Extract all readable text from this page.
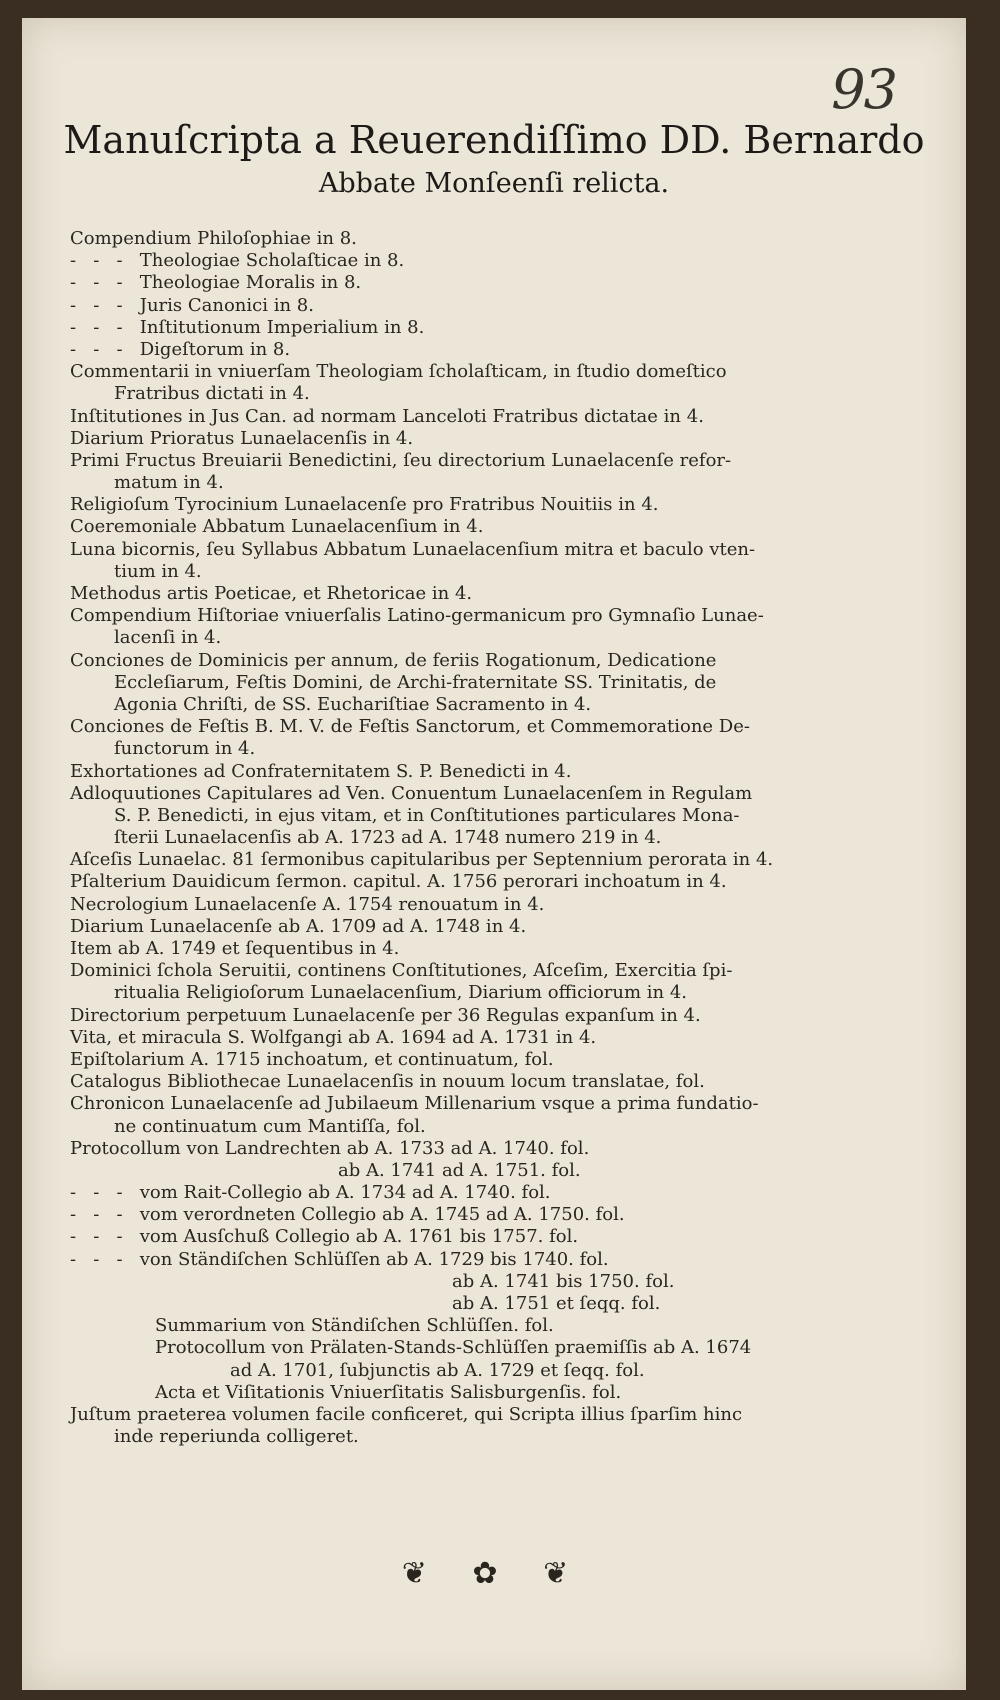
93
Manuſcripta a Reuerendiſſimo DD. Bernardo
Abbate Monſeenſi relicta.
Compendium Philoſophiae in 8.
-   -   -   Theologiae Scholaſticae in 8.
-   -   -   Theologiae Moralis in 8.
-   -   -   Juris Canonici in 8.
-   -   -   Inſtitutionum Imperialium in 8.
-   -   -   Digeſtorum in 8.
Commentarii in vniuerſam Theologiam ſcholaſticam, in ſtudio domeſtico
Fratribus dictati in 4.
Inſtitutiones in Jus Can. ad normam Lanceloti Fratribus dictatae in 4.
Diarium Prioratus Lunaelacenſis in 4.
Primi Fructus Breuiarii Benedictini, ſeu directorium Lunaelacenſe refor-
matum in 4.
Religioſum Tyrocinium Lunaelacenſe pro Fratribus Nouitiis in 4.
Coeremoniale Abbatum Lunaelacenſium in 4.
Luna bicornis, ſeu Syllabus Abbatum Lunaelacenſium mitra et baculo vten-
tium in 4.
Methodus artis Poeticae, et Rhetoricae in 4.
Compendium Hiſtoriae vniuerſalis Latino-germanicum pro Gymnaſio Lunae-
lacenſi in 4.
Conciones de Dominicis per annum, de feriis Rogationum, Dedicatione
Eccleſiarum, Feſtis Domini, de Archi-fraternitate SS. Trinitatis, de
Agonia Chriſti, de SS. Euchariſtiae Sacramento in 4.
Conciones de Feſtis B. M. V. de Feſtis Sanctorum, et Commemoratione De-
functorum in 4.
Exhortationes ad Confraternitatem S. P. Benedicti in 4.
Adloquutiones Capitulares ad Ven. Conuentum Lunaelacenſem in Regulam
S. P. Benedicti, in ejus vitam, et in Conſtitutiones particulares Mona-
ſterii Lunaelacenſis ab A. 1723 ad A. 1748 numero 219 in 4.
Aſceſis Lunaelac. 81 ſermonibus capitularibus per Septennium perorata in 4.
Pſalterium Dauidicum ſermon. capitul. A. 1756 perorari inchoatum in 4.
Necrologium Lunaelacenſe A. 1754 renouatum in 4.
Diarium Lunaelacenſe ab A. 1709 ad A. 1748 in 4.
Item ab A. 1749 et ſequentibus in 4.
Dominici ſchola Seruitii, continens Conſtitutiones, Aſceſim, Exercitia ſpi-
ritualia Religioſorum Lunaelacenſium, Diarium officiorum in 4.
Directorium perpetuum Lunaelacenſe per 36 Regulas expanſum in 4.
Vita, et miracula S. Wolfgangi ab A. 1694 ad A. 1731 in 4.
Epiſtolarium A. 1715 inchoatum, et continuatum, fol.
Catalogus Bibliothecae Lunaelacenſis in nouum locum translatae, fol.
Chronicon Lunaelacenſe ad Jubilaeum Millenarium vsque a prima fundatio-
ne continuatum cum Mantiſſa, fol.
Protocollum von Landrechten ab A. 1733 ad A. 1740. fol.
ab A. 1741 ad A. 1751. fol.
-   -   -   vom Rait-Collegio ab A. 1734 ad A. 1740. fol.
-   -   -   vom verordneten Collegio ab A. 1745 ad A. 1750. fol.
-   -   -   vom Ausſchuß Collegio ab A. 1761 bis 1757. fol.
-   -   -   von Ständiſchen Schlüſſen ab A. 1729 bis 1740. fol.
ab A. 1741 bis 1750. fol.
ab A. 1751 et ſeqq. fol.
Summarium von Ständiſchen Schlüſſen. fol.
Protocollum von Prälaten-Stands-Schlüſſen praemiſſis ab A. 1674
ad A. 1701, ſubjunctis ab A. 1729 et ſeqq. fol.
Acta et Viſitationis Vniuerſitatis Salisburgenſis. fol.
Juſtum praeterea volumen facile conficeret, qui Scripta illius ſparſim hinc
inde reperiunda colligeret.
❦ ✿ ❦
